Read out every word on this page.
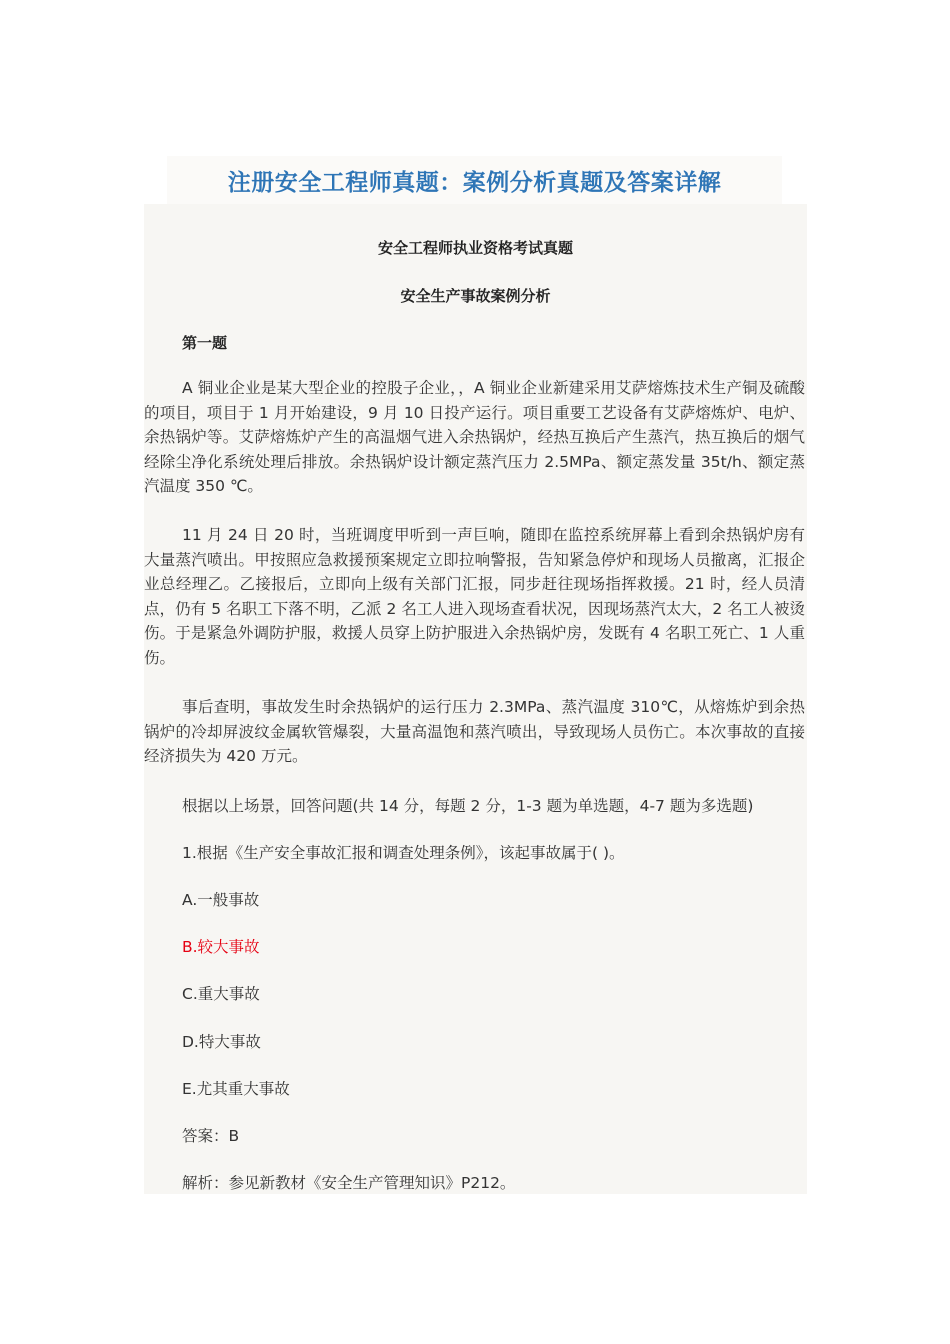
注册安全工程师真题：案例分析真题及答案详解
安全工程师执业资格考试真题
安全生产事故案例分析
第一题
A 铜业企业是某大型企业的控股子企业，，A 铜业企业新建采用艾萨熔炼技术生产铜及硫酸的项目，项目于 1 月开始建设，9 月 10 日投产运行。项目重要工艺设备有艾萨熔炼炉、电炉、余热锅炉等。艾萨熔炼炉产生的高温烟气进入余热锅炉，经热互换后产生蒸汽，热互换后的烟气经除尘净化系统处理后排放。余热锅炉设计额定蒸汽压力 2.5MPa、额定蒸发量 35t/h、额定蒸汽温度 350 ℃。
11 月 24 日 20 时，当班调度甲听到一声巨响，随即在监控系统屏幕上看到余热锅炉房有大量蒸汽喷出。甲按照应急救援预案规定立即拉响警报，告知紧急停炉和现场人员撤离，汇报企业总经理乙。乙接报后，立即向上级有关部门汇报，同步赶往现场指挥救援。21 时，经人员清点，仍有 5 名职工下落不明，乙派 2 名工人进入现场查看状况，因现场蒸汽太大，2 名工人被烫伤。于是紧急外调防护服，救援人员穿上防护服进入余热锅炉房，发既有 4 名职工死亡、1 人重伤。
事后查明，事故发生时余热锅炉的运行压力 2.3MPa、蒸汽温度 310℃，从熔炼炉到余热锅炉的冷却屏波纹金属软管爆裂，大量高温饱和蒸汽喷出，导致现场人员伤亡。本次事故的直接经济损失为 420 万元。
根据以上场景，回答问题(共 14 分，每题 2 分，1-3 题为单选题，4-7 题为多选题)
1.根据《生产安全事故汇报和调查处理条例》，该起事故属于( )。
A.一般事故
B.较大事故
C.重大事故
D.特大事故
E.尤其重大事故
答案：B
解析：参见新教材《安全生产管理知识》P212。
